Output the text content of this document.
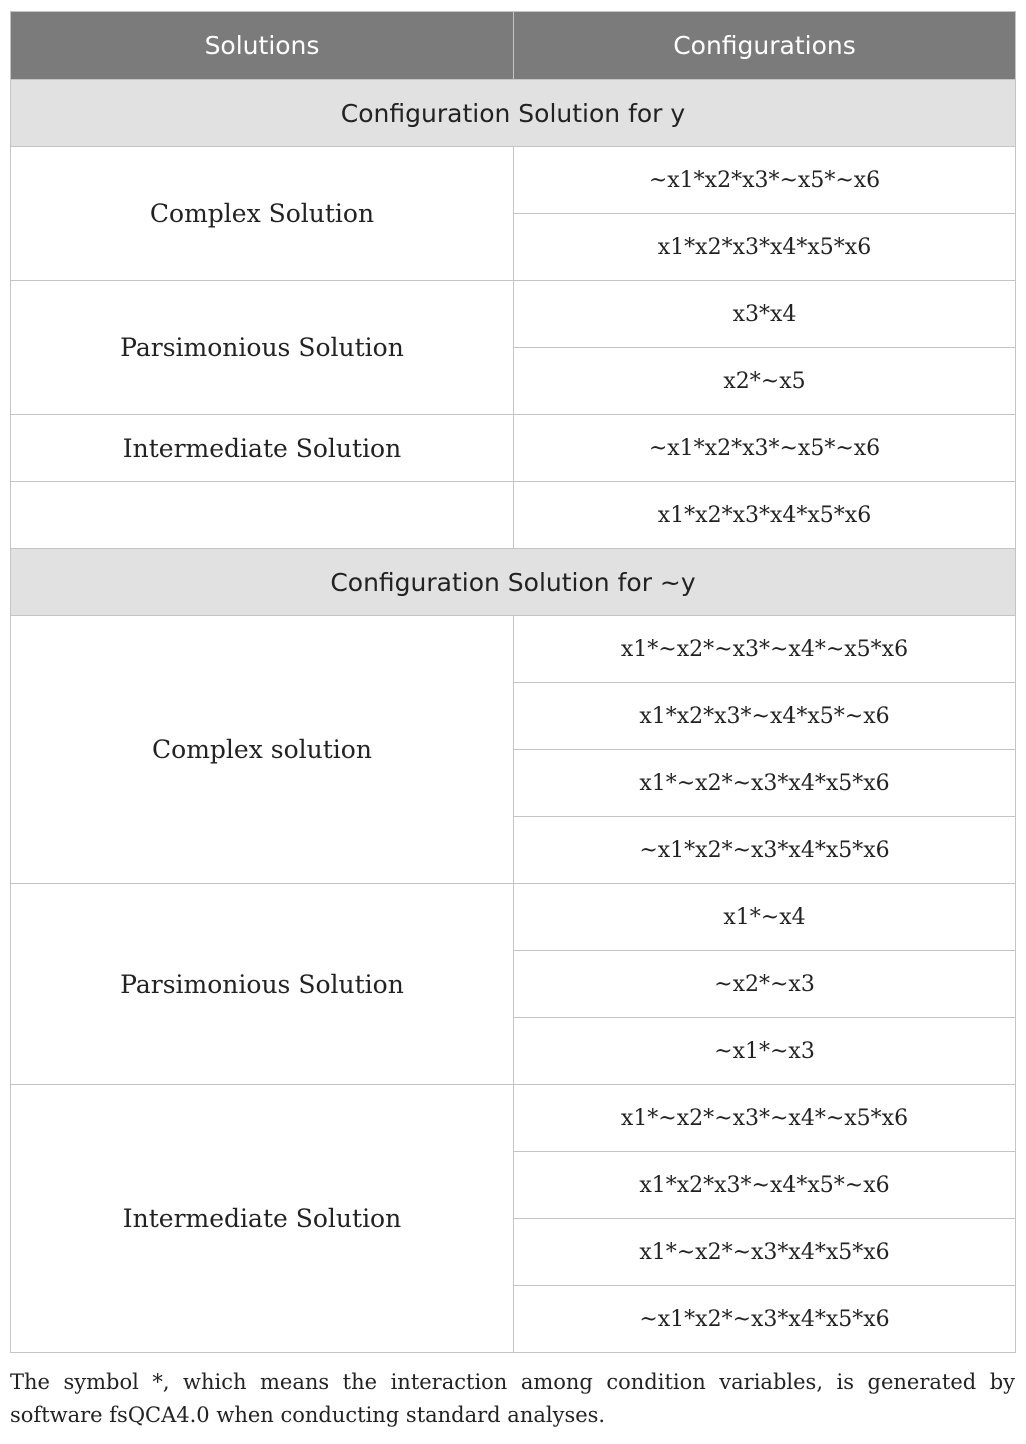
Solutions	Configurations
Configuration Solution for y	
Complex Solution	~x1*x2*x3*~x5*~x6
	x1*x2*x3*x4*x5*x6
Parsimonious Solution	x3*x4
	x2*~x5
Intermediate Solution	~x1*x2*x3*~x5*~x6
	x1*x2*x3*x4*x5*x6
Configuration Solution for ~y	
Complex solution	x1*~x2*~x3*~x4*~x5*x6
	x1*x2*x3*~x4*x5*~x6
	x1*~x2*~x3*x4*x5*x6
	~x1*x2*~x3*x4*x5*x6
Parsimonious Solution	x1*~x4
	~x2*~x3
	~x1*~x3
Intermediate Solution	x1*~x2*~x3*~x4*~x5*x6
	x1*x2*x3*~x4*x5*~x6
	x1*~x2*~x3*x4*x5*x6
	~x1*x2*~x3*x4*x5*x6
The symbol *, which means the interaction among condition variables, is generated by software fsQCA4.0 when conducting standard analyses.
